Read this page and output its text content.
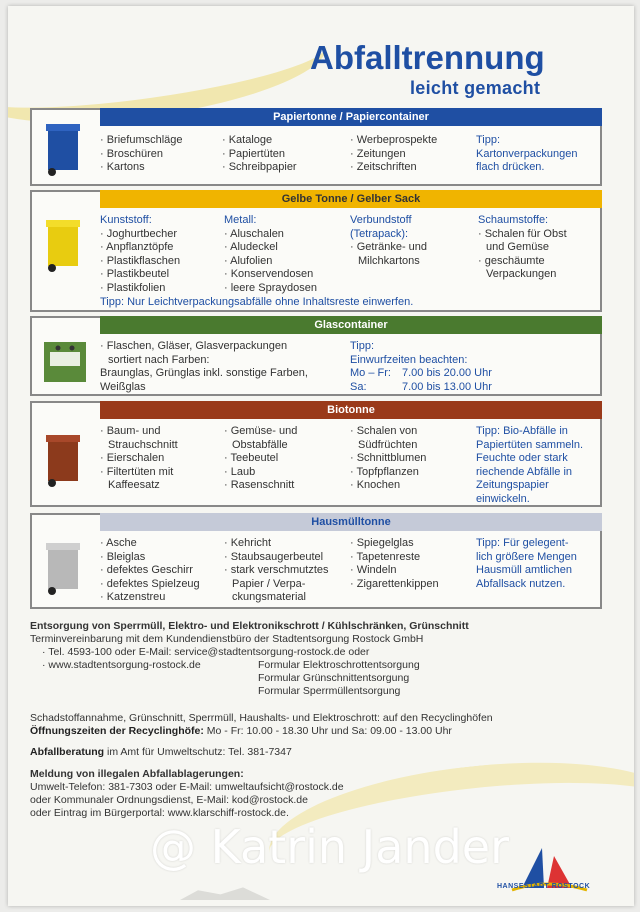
Abfalltrennung
leicht gemacht
Papiertonne / Papiercontainer
· Briefumschläge
· Broschüren
· Kartons
· Kataloge
· Papiertüten
· Schreibpapier
· Werbeprospekte
· Zeitungen
· Zeitschriften
Tipp:
Kartonverpackungen
flach drücken.
Gelbe Tonne / Gelber Sack
Kunststoff:
· Joghurtbecher
· Anpflanztöpfe
· Plastikflaschen
· Plastikbeutel
· Plastikfolien
Metall:
· Aluschalen
· Aludeckel
· Alufolien
· Konservendosen
· leere Spraydosen
Verbundstoff
(Tetrapack):
· Getränke- und
Milchkartons
Schaumstoffe:
· Schalen für Obst
und Gemüse
· geschäumte
Verpackungen
Tipp: Nur Leichtverpackungsabfälle ohne Inhaltsreste einwerfen.
Glascontainer
· Flaschen, Gläser, Glasverpackungen
sortiert nach Farben:
Braunglas, Grünglas inkl. sonstige Farben,
Weißglas
Tipp:
Einwurfzeiten beachten:
Mo – Fr: 7.00 bis 20.00 Uhr
Sa:	7.00 bis 13.00 Uhr
Biotonne
· Baum- und
Strauchschnitt
· Eierschalen
· Filtertüten mit
Kaffeesatz
· Gemüse- und
Obstabfälle
· Teebeutel
· Laub
· Rasenschnitt
· Schalen von
Südfrüchten
· Schnittblumen
· Topfpflanzen
· Knochen
Tipp: Bio-Abfälle in
Papiertüten sammeln.
Feuchte oder stark
riechende Abfälle in
Zeitungspapier
einwickeln.
Hausmülltonne
· Asche
· Bleiglas
· defektes Geschirr
· defektes Spielzeug
· Katzenstreu
· Kehricht
· Staubsaugerbeutel
· stark verschmutztes
Papier / Verpa-
ckungsmaterial
· Spiegelglas
· Tapetenreste
· Windeln
· Zigarettenkippen
Tipp: Für gelegent-
lich größere Mengen
Hausmüll amtlichen
Abfallsack nutzen.
Entsorgung von Sperrmüll, Elektro- und Elektronikschrott / Kühlschränken, Grünschnitt
Terminvereinbarung mit dem Kundendienstbüro der Stadtentsorgung Rostock GmbH
· Tel. 4593-100 oder E-Mail: service@stadtentsorgung-rostock.de oder
· www.stadtentsorgung-rostock.de	Formular Elektroschrottentsorgung
Formular Grünschnittentsorgung
Formular Sperrmüllentsorgung
Schadstoffannahme, Grünschnitt, Sperrmüll, Haushalts- und Elektroschrott: auf den Recyclinghöfen
Öffnungszeiten der Recyclinghöfe: Mo - Fr: 10.00 - 18.30 Uhr und Sa: 09.00 - 13.00 Uhr
Abfallberatung im Amt für Umweltschutz: Tel. 381-7347
Meldung von illegalen Abfallablagerungen:
Umwelt-Telefon: 381-7303 oder E-Mail: umweltaufsicht@rostock.de
oder Kommunaler Ordnungsdienst, E-Mail: kod@rostock.de
oder Eintrag im Bürgerportal: www.klarschiff-rostock.de.
HANSESTADT ROSTOCK
@ Katrin Jander
